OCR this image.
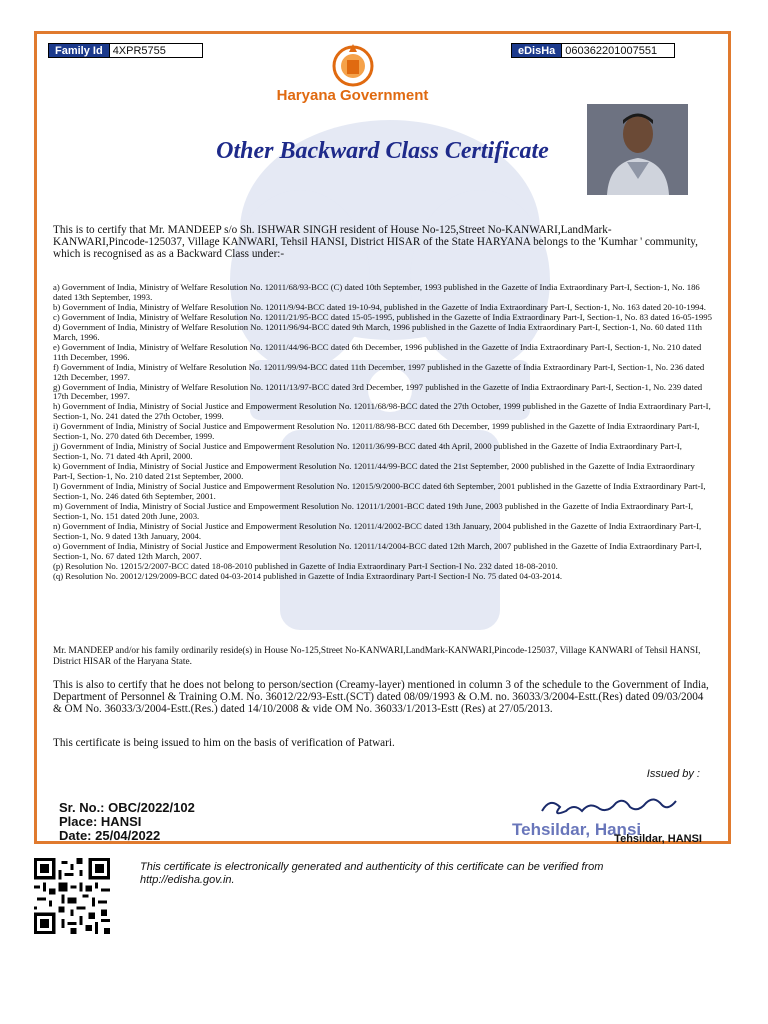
Family Id 4XPR5755	eDisHa 060362201007551
Haryana Government
Other Backward Class Certificate
This is to certify that Mr. MANDEEP s/o Sh. ISHWAR SINGH resident of House No-125,Street No-KANWARI,LandMark-KANWARI,Pincode-125037, Village KANWARI, Tehsil HANSI, District HISAR of the State HARYANA belongs to the 'Kumhar ' community, which is recognised as as a Backward Class under:-
a) Government of India, Ministry of Welfare Resolution No. 12011/68/93-BCC (C) dated 10th September, 1993 published in the Gazette of India Extraordinary Part-I, Section-1, No. 186 dated 13th September, 1993.
b) Government of India, Ministry of Welfare Resolution No. 12011/9/94-BCC dated 19-10-94, published in the Gazette of India Extraordinary Part-I, Section-1, No. 163 dated 20-10-1994.
c) Government of India, Ministry of Welfare Resolution No. 12011/21/95-BCC dated 15-05-1995, published in the Gazette of India Extraordinary Part-I, Section-1, No. 83 dated 16-05-1995
d) Government of India, Ministry of Welfare Resolution No. 12011/96/94-BCC dated 9th March, 1996 published in the Gazette of India Extraordinary Part-I, Section-1, No. 60 dated 11th March, 1996.
e) Government of India, Ministry of Welfare Resolution No. 12011/44/96-BCC dated 6th December, 1996 published in the Gazette of India Extraordinary Part-I, Section-1, No. 210 dated 11th December, 1996.
f) Government of India, Ministry of Welfare Resolution No. 12011/99/94-BCC dated 11th December, 1997 published in the Gazette of India Extraordinary Part-I, Section-1, No. 236 dated 12th December, 1997.
g) Government of India, Ministry of Welfare Resolution No. 12011/13/97-BCC dated 3rd December, 1997 published in the Gazette of India Extraordinary Part-I, Section-1, No. 239 dated 17th December, 1997.
h) Government of India, Ministry of Social Justice and Empowerment Resolution No. 12011/68/98-BCC dated the 27th October, 1999 published in the Gazette of India Extraordinary Part-I, Section-1, No. 241 dated the 27th October, 1999.
i) Government of India, Ministry of Social Justice and Empowerment Resolution No. 12011/88/98-BCC dated 6th December, 1999 published in the Gazette of India Extraordinary Part-I, Section-1, No. 270 dated 6th December, 1999.
j) Government of India, Ministry of Social Justice and Empowerment Resolution No. 12011/36/99-BCC dated 4th April, 2000 published in the Gazette of India Extraordinary Part-I, Section-1, No. 71 dated 4th April, 2000.
k) Government of India, Ministry of Social Justice and Empowerment Resolution No. 12011/44/99-BCC dated the 21st September, 2000 published in the Gazette of India Extraordinary Part-I, Section-1, No. 210 dated 21st September, 2000.
l) Government of India, Ministry of Social Justice and Empowerment Resolution No. 12015/9/2000-BCC dated 6th September, 2001 published in the Gazette of India Extraordinary Part-I, Section-1, No. 246 dated 6th September, 2001.
m) Government of India, Ministry of Social Justice and Empowerment Resolution No. 12011/1/2001-BCC dated 19th June, 2003 published in the Gazette of India Extraordinary Part-I, Section-1, No. 151 dated 20th June, 2003.
n) Government of India, Ministry of Social Justice and Empowerment Resolution No. 12011/4/2002-BCC dated 13th January, 2004 published in the Gazette of India Extraordinary Part-I, Section-1, No. 9 dated 13th January, 2004.
o) Government of India, Ministry of Social Justice and Empowerment Resolution No. 12011/14/2004-BCC dated 12th March, 2007 published in the Gazette of India Extraordinary Part-I, Section-1, No. 67 dated 12th March, 2007.
(p) Resolution No. 12015/2/2007-BCC dated 18-08-2010 published in Gazette of India Extraordinary Part-I Section-I No. 232 dated 18-08-2010.
(q) Resolution No. 20012/129/2009-BCC dated 04-03-2014 published in Gazette of India Extraordinary Part-I Section-I No. 75 dated 04-03-2014.
Mr. MANDEEP and/or his family ordinarily reside(s) in House No-125,Street No-KANWARI,LandMark-KANWARI,Pincode-125037, Village KANWARI of Tehsil HANSI, District HISAR of the Haryana State.
This is also to certify that he does not belong to person/section (Creamy-layer) mentioned in column 3 of the schedule to the Government of India, Department of Personnel & Training O.M. No. 36012/22/93-Estt.(SCT) dated 08/09/1993 & O.M. no. 36033/3/2004-Estt.(Res) dated 09/03/2004 & OM No. 36033/3/2004-Estt.(Res.) dated 14/10/2008 & vide OM No. 36033/1/2013-Estt (Res) at 27/05/2013.
This certificate is being issued to him on the basis of verification of Patwari.
Issued by :
Sr. No.: OBC/2022/102
Place: HANSI
Date: 25/04/2022	Tehsildar, Hansi
Tehsildar, HANSI
This certificate is electronically generated and authenticity of this certificate can be verified from http://edisha.gov.in.
